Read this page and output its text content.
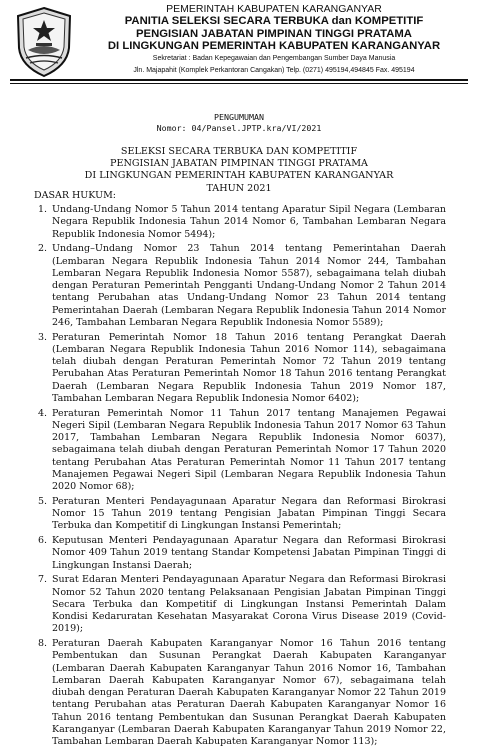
PEMERINTAH KABUPATEN KARANGANYAR
PANITIA SELEKSI SECARA TERBUKA dan KOMPETITIF
PENGISIAN JABATAN PIMPINAN TINGGI PRATAMA
DI LINGKUNGAN PEMERINTAH KABUPATEN KARANGANYAR
Sekretariat : Badan Kepegawaian dan Pengembangan Sumber Daya Manusia
Jln. Majapahit (Komplek Perkantoran Cangakan) Telp. (0271) 495194,494845 Fax. 495194
PENGUMUMAN
Nomor: 04/Pansel.JPTP.kra/VI/2021
SELEKSI SECARA TERBUKA DAN KOMPETITIF
PENGISIAN JABATAN PIMPINAN TINGGI PRATAMA
DI LINGKUNGAN PEMERINTAH KABUPATEN KARANGANYAR
TAHUN 2021
DASAR HUKUM:
1. Undang-Undang Nomor 5 Tahun 2014 tentang Aparatur Sipil Negara (Lembaran Negara Republik Indonesia Tahun 2014 Nomor 6, Tambahan Lembaran Negara Republik Indonesia Nomor 5494);
2. Undang–Undang Nomor 23 Tahun 2014 tentang Pemerintahan Daerah (Lembaran Negara Republik Indonesia Tahun 2014 Nomor 244, Tambahan Lembaran Negara Republik Indonesia Nomor 5587), sebagaimana telah diubah dengan Peraturan Pemerintah Pengganti Undang-Undang Nomor 2 Tahun 2014 tentang Perubahan atas Undang-Undang Nomor 23 Tahun 2014 tentang Pemerintahan Daerah (Lembaran Negara Republik Indonesia Tahun 2014 Nomor 246, Tambahan Lembaran Negara Republik Indonesia Nomor 5589);
3. Peraturan Pemerintah Nomor 18 Tahun 2016 tentang Perangkat Daerah (Lembaran Negara Republik Indonesia Tahun 2016 Nomor 114), sebagaimana telah diubah dengan Peraturan Pemerintah Nomor 72 Tahun 2019 tentang Perubahan Atas Peraturan Pemerintah Nomor 18 Tahun 2016 tentang Perangkat Daerah (Lembaran Negara Republik Indonesia Tahun 2019 Nomor 187, Tambahan Lembaran Negara Republik Indonesia Nomor 6402);
4. Peraturan Pemerintah Nomor 11 Tahun 2017 tentang Manajemen Pegawai Negeri Sipil (Lembaran Negara Republik Indonesia Tahun 2017 Nomor 63 Tahun 2017, Tambahan Lembaran Negara Republik Indonesia Nomor 6037), sebagaimana telah diubah dengan Peraturan Pemerintah Nomor 17 Tahun 2020 tentang Perubahan Atas Peraturan Pemerintah Nomor 11 Tahun 2017 tentang Manajemen Pegawai Negeri Sipil (Lembaran Negara Republik Indonesia Tahun 2020 Nomor 68);
5. Peraturan Menteri Pendayagunaan Aparatur Negara dan Reformasi Birokrasi Nomor 15 Tahun 2019 tentang Pengisian Jabatan Pimpinan Tinggi Secara Terbuka dan Kompetitif di Lingkungan Instansi Pemerintah;
6. Keputusan Menteri Pendayagunaan Aparatur Negara dan Reformasi Birokrasi Nomor 409 Tahun 2019 tentang Standar Kompetensi Jabatan Pimpinan Tinggi di Lingkungan Instansi Daerah;
7. Surat Edaran Menteri Pendayagunaan Aparatur Negara dan Reformasi Birokrasi Nomor 52 Tahun 2020 tentang Pelaksanaan Pengisian Jabatan Pimpinan Tinggi Secara Terbuka dan Kompetitif di Lingkungan Instansi Pemerintah Dalam Kondisi Kedaruratan Kesehatan Masyarakat Corona Virus Disease 2019 (Covid-2019);
8. Peraturan Daerah Kabupaten Karanganyar Nomor 16 Tahun 2016 tentang Pembentukan dan Susunan Perangkat Daerah Kabupaten Karanganyar (Lembaran Daerah Kabupaten Karanganyar Tahun 2016 Nomor 16, Tambahan Lembaran Daerah Kabupaten Karanganyar Nomor 67), sebagaimana telah diubah dengan Peraturan Daerah Kabupaten Karanganyar Nomor 22 Tahun 2019 tentang Perubahan atas Peraturan Daerah Kabupaten Karanganyar Nomor 16 Tahun 2016 tentang Pembentukan dan Susunan Perangkat Daerah Kabupaten Karanganyar (Lembaran Daerah Kabupaten Karanganyar Tahun 2019 Nomor 22, Tambahan Lembaran Daerah Kabupaten Karanganyar Nomor 113);
